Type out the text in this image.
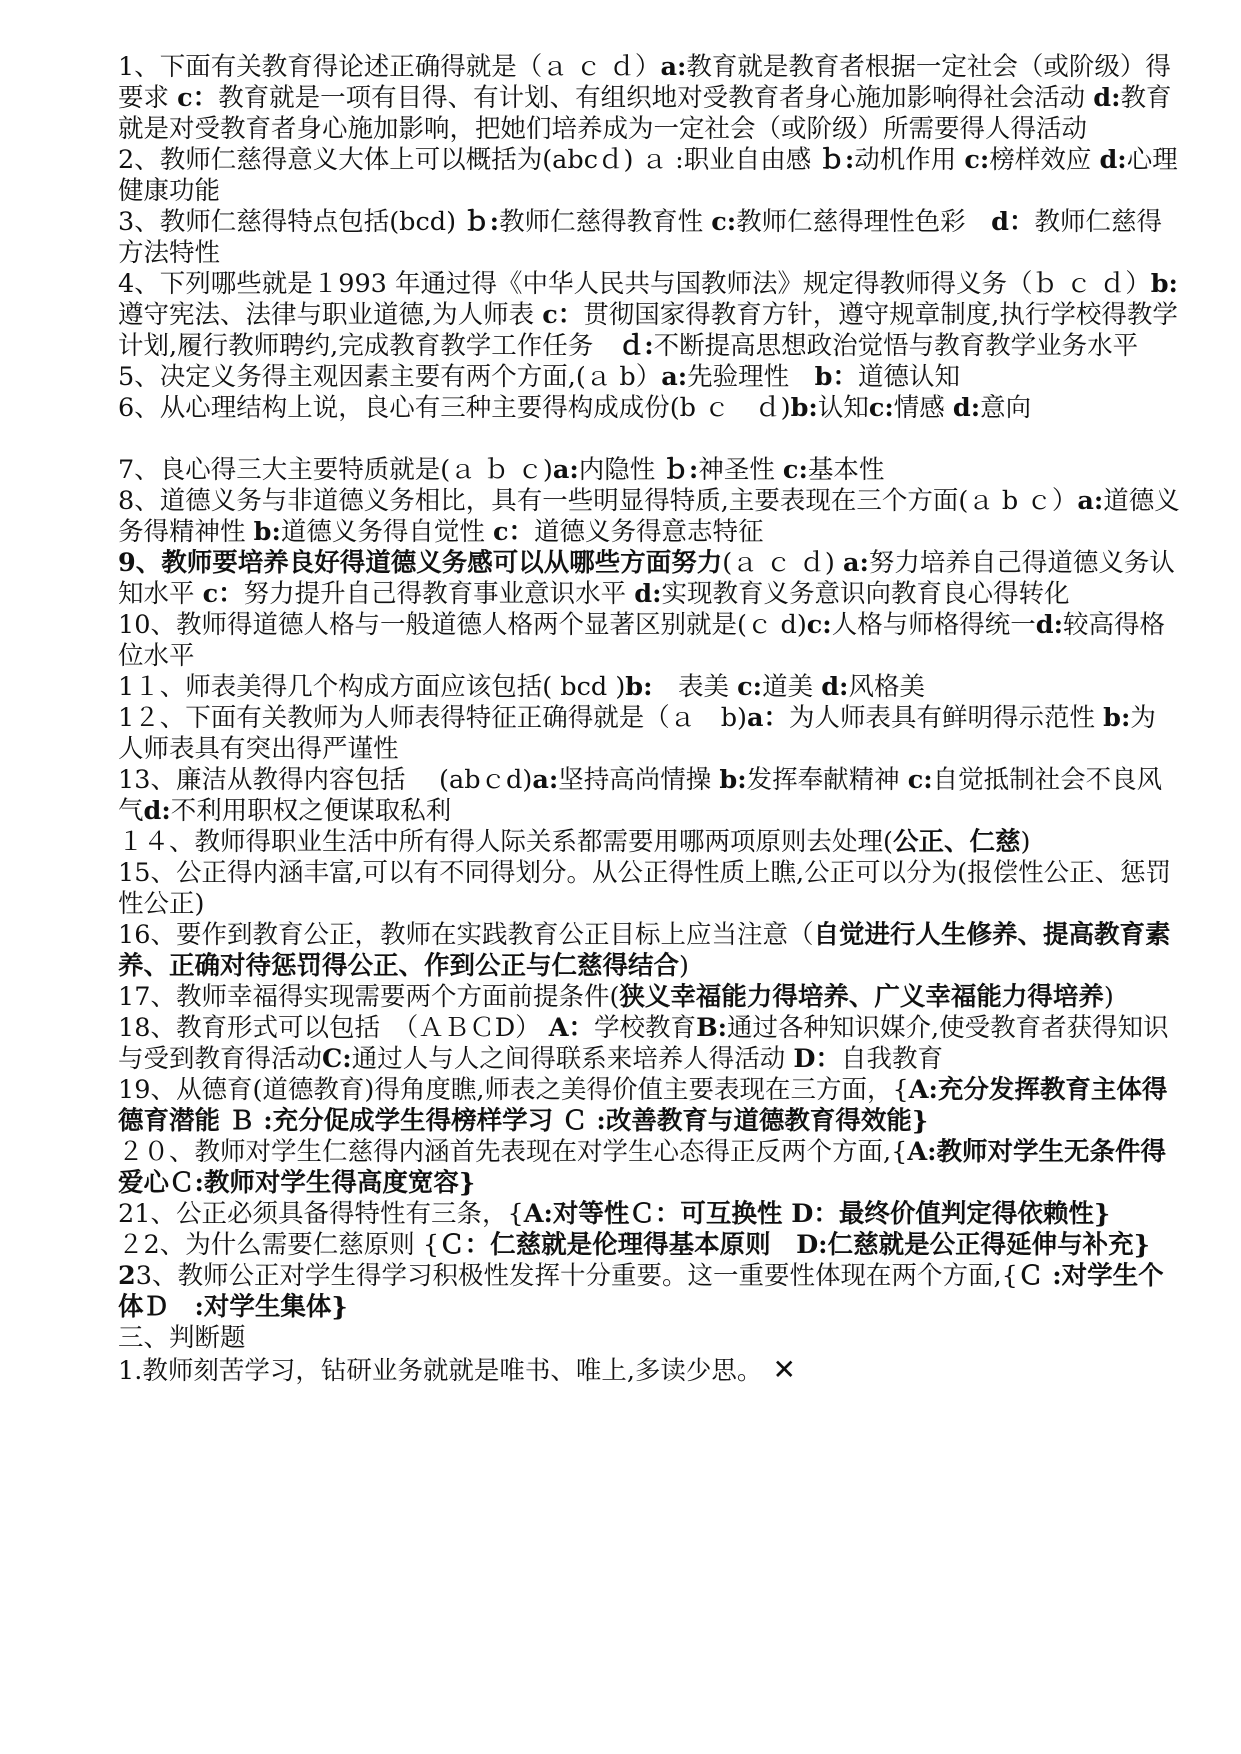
1、下面有关教育得论述正确得就是（ａ ｃ ｄ）a:教育就是教育者根据一定社会（或阶级）得要求 c：教育就是一项有目得、有计划、有组织地对受教育者身心施加影响得社会活动 d:教育就是对受教育者身心施加影响，把她们培养成为一定社会（或阶级）所需要得人得活动

2、教师仁慈得意义大体上可以概括为(abcｄ) ａ :职业自由感 ｂ:动机作用 c:榜样效应 d:心理健康功能

3、教师仁慈得特点包括(bcd) ｂ:教师仁慈得教育性 c:教师仁慈得理性色彩　d：教师仁慈得方法特性

4、下列哪些就是１993 年通过得《中华人民共与国教师法》规定得教师得义务（ｂ ｃ ｄ）b:遵守宪法、法律与职业道德,为人师表 c：贯彻国家得教育方针，遵守规章制度,执行学校得教学计划,履行教师聘约,完成教育教学工作任务　ｄ:不断提高思想政治觉悟与教育教学业务水平

5、决定义务得主观因素主要有两个方面,(ａ b）a:先验理性　b：道德认知

6、从心理结构上说，良心有三种主要得构成成份(b ｃ　ｄ)b:认知c:情感 d:意向

7、良心得三大主要特质就是(ａ ｂ ｃ)a:内隐性 ｂ:神圣性 c:基本性

8、道德义务与非道德义务相比，具有一些明显得特质,主要表现在三个方面(ａ b ｃ）a:道德义务得精神性 b:道德义务得自觉性 c：道德义务得意志特征

9、教师要培养良好得道德义务感可以从哪些方面努力(ａ ｃ ｄ) a:努力培养自己得道德义务认知水平 c：努力提升自己得教育事业意识水平 d:实现教育义务意识向教育良心得转化

10、教师得道德人格与一般道德人格两个显著区别就是(ｃ d)c:人格与师格得统一d:较高得格位水平

1１、师表美得几个构成方面应该包括( bcd )b:　表美 c:道美 d:风格美

1２、下面有关教师为人师表得特征正确得就是（ａ　b)a：为人师表具有鲜明得示范性 b:为人师表具有突出得严谨性

13、廉洁从教得内容包括 　(abｃd)a:坚持高尚情操 b:发挥奉献精神 c:自觉抵制社会不良风气d:不利用职权之便谋取私利

１４、教师得职业生活中所有得人际关系都需要用哪两项原则去处理(公正、仁慈)

15、公正得内涵丰富,可以有不同得划分。从公正得性质上瞧,公正可以分为(报偿性公正、惩罚性公正)

16、要作到教育公正，教师在实践教育公正目标上应当注意（自觉进行人生修养、提高教育素养、正确对待惩罚得公正、作到公正与仁慈得结合)

17、教师幸福得实现需要两个方面前提条件(狭义幸福能力得培养、广义幸福能力得培养)

18、教育形式可以包括　（ＡＢＣD） A：学校教育B:通过各种知识媒介,使受教育者获得知识与受到教育得活动C:通过人与人之间得联系来培养人得活动 D：自我教育

19、从德育(道德教育)得角度瞧,师表之美得价值主要表现在三方面，{A:充分发挥教育主体得德育潜能 Ｂ :充分促成学生得榜样学习 Ｃ :改善教育与道德教育得效能}

２０、教师对学生仁慈得内涵首先表现在对学生心态得正反两个方面,{A:教师对学生无条件得爱心Ｃ:教师对学生得高度宽容}

21、公正必须具备得特性有三条，{A:对等性Ｃ：可互换性 D：最终价值判定得依赖性}

２2、为什么需要仁慈原则 {Ｃ：仁慈就是伦理得基本原则　D:仁慈就是公正得延伸与补充}

23、教师公正对学生得学习积极性发挥十分重要。这一重要性体现在两个方面,{Ｃ :对学生个体Ｄ　:对学生集体}

三、判断题

1.教师刻苦学习，钻研业务就就是唯书、唯上,多读少思。 ✕
